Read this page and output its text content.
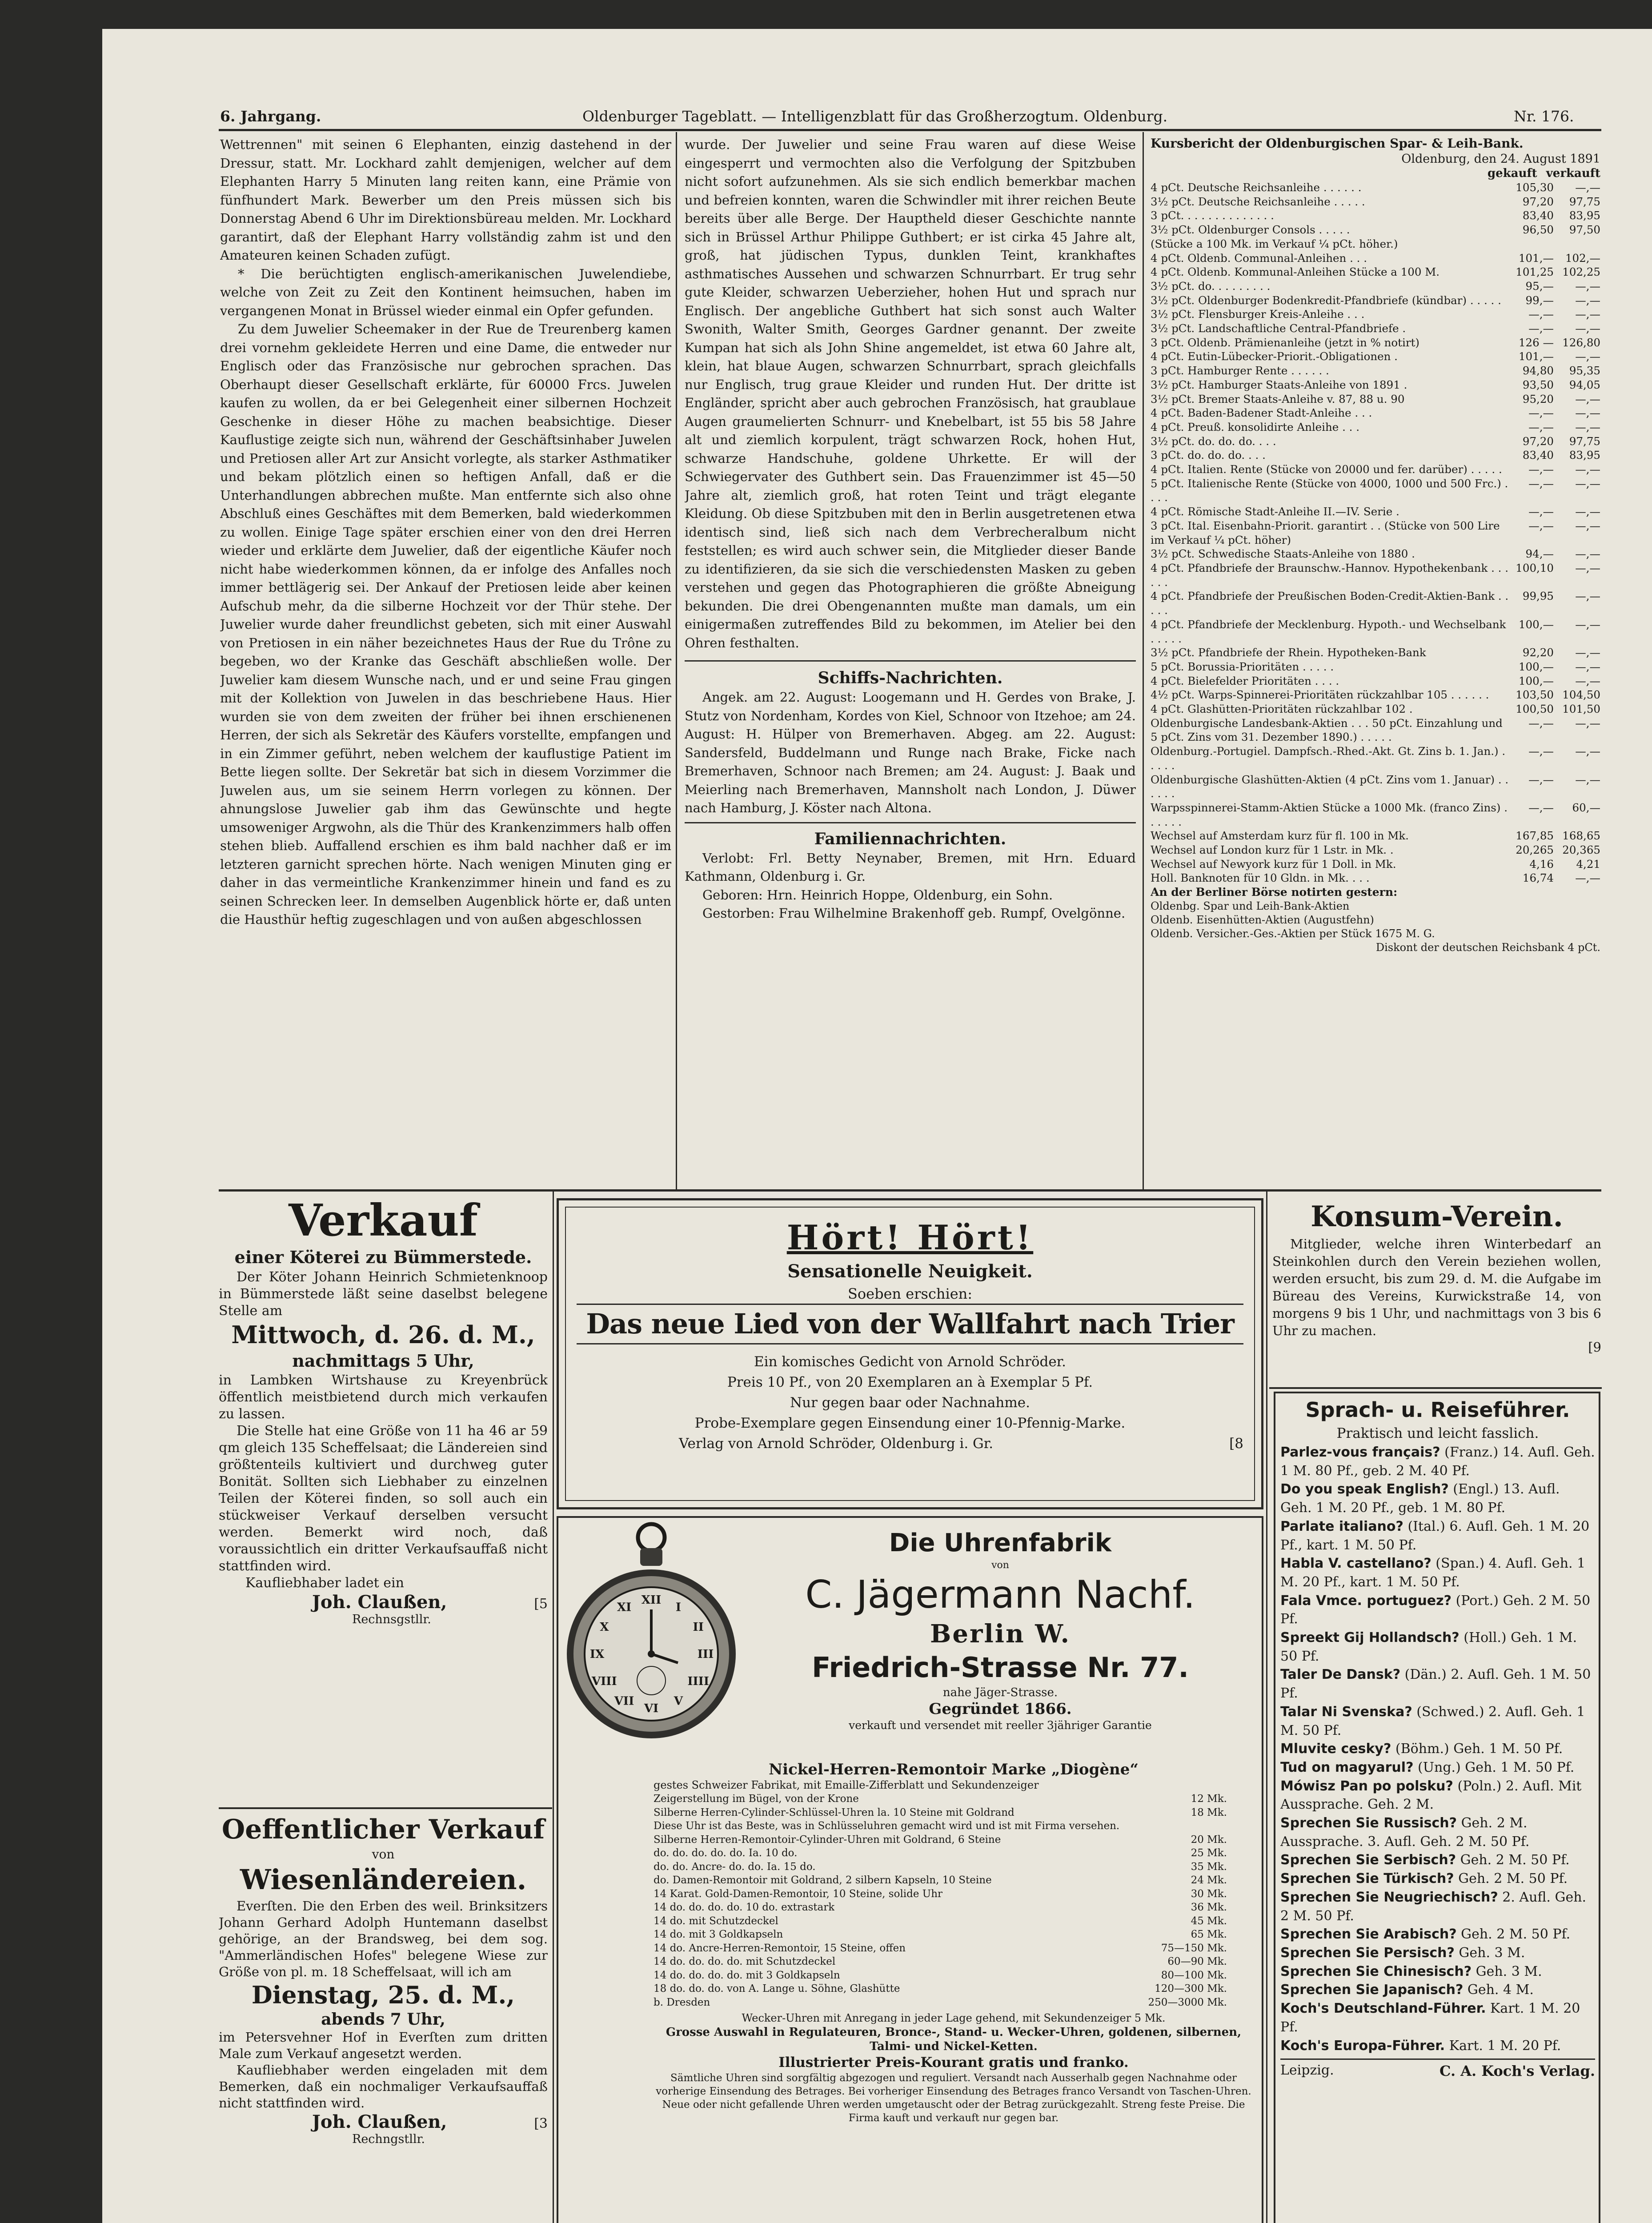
6. Jahrgang.	Oldenburger Tageblatt. — Intelligenzblatt für das Großherzogtum. Oldenburg.	Nr. 176.

Wettrennen" mit seinen 6 Elephanten, einzig dastehend in der Dressur, statt. Mr. Lockhard zahlt demjenigen, welcher auf dem Elephanten Harry 5 Minuten lang reiten kann, eine Prämie von fünfhundert Mark. Bewerber um den Preis müssen sich bis Donnerstag Abend 6 Uhr im Direktionsbüreau melden. Mr. Lockhard garantirt, daß der Elephant Harry vollständig zahm ist und den Amateuren keinen Schaden zufügt.

* Die berüchtigten englisch-amerikanischen Juwelendiebe, welche von Zeit zu Zeit den Kontinent heimsuchen, haben im vergangenen Monat in Brüssel wieder einmal ein Opfer gefunden.

Zu dem Juwelier Scheemaker in der Rue de Treurenberg kamen drei vornehm gekleidete Herren und eine Dame, die entweder nur Englisch oder das Französische nur gebrochen sprachen. Das Oberhaupt dieser Gesellschaft erklärte, für 60000 Frcs. Juwelen kaufen zu wollen, da er bei Gelegenheit einer silbernen Hochzeit Geschenke in dieser Höhe zu machen beabsichtige. Dieser Kauflustige zeigte sich nun, während der Geschäftsinhaber Juwelen und Pretiosen aller Art zur Ansicht vorlegte, als starker Asthmatiker und bekam plötzlich einen so heftigen Anfall, daß er die Unterhandlungen abbrechen mußte. Man entfernte sich also ohne Abschluß eines Geschäftes mit dem Bemerken, bald wiederkommen zu wollen. Einige Tage später erschien einer von den drei Herren wieder und erklärte dem Juwelier, daß der eigentliche Käufer noch nicht habe wiederkommen können, da er infolge des Anfalles noch immer bettlägerig sei. Der Ankauf der Pretiosen leide aber keinen Aufschub mehr, da die silberne Hochzeit vor der Thür stehe. Der Juwelier wurde daher freundlichst gebeten, sich mit einer Auswahl von Pretiosen in ein näher bezeichnetes Haus der Rue du Trône zu begeben, wo der Kranke das Geschäft abschließen wolle. Der Juwelier kam diesem Wunsche nach, und er und seine Frau gingen mit der Kollektion von Juwelen in das beschriebene Haus. Hier wurden sie von dem zweiten der früher bei ihnen erschienenen Herren, der sich als Sekretär des Käufers vorstellte, empfangen und in ein Zimmer geführt, neben welchem der kauflustige Patient im Bette liegen sollte. Der Sekretär bat sich in diesem Vorzimmer die Juwelen aus, um sie seinem Herrn vorlegen zu können. Der ahnungslose Juwelier gab ihm das Gewünschte und hegte umsoweniger Argwohn, als die Thür des Krankenzimmers halb offen stehen blieb. Auffallend erschien es ihm bald nachher daß er im letzteren garnicht sprechen hörte. Nach wenigen Minuten ging er daher in das vermeintliche Krankenzimmer hinein und fand es zu seinen Schrecken leer. In demselben Augenblick hörte er, daß unten die Hausthür heftig zugeschlagen und von außen abgeschlossen

wurde. Der Juwelier und seine Frau waren auf diese Weise eingesperrt und vermochten also die Verfolgung der Spitzbuben nicht sofort aufzunehmen. Als sie sich endlich bemerkbar machen und befreien konnten, waren die Schwindler mit ihrer reichen Beute bereits über alle Berge. Der Hauptheld dieser Geschichte nannte sich in Brüssel Arthur Philippe Guthbert; er ist cirka 45 Jahre alt, groß, hat jüdischen Typus, dunklen Teint, krankhaftes asthmatisches Aussehen und schwarzen Schnurrbart. Er trug sehr gute Kleider, schwarzen Ueberzieher, hohen Hut und sprach nur Englisch. Der angebliche Guthbert hat sich sonst auch Walter Swonith, Walter Smith, Georges Gardner genannt. Der zweite Kumpan hat sich als John Shine angemeldet, ist etwa 60 Jahre alt, klein, hat blaue Augen, schwarzen Schnurrbart, sprach gleichfalls nur Englisch, trug graue Kleider und runden Hut. Der dritte ist Engländer, spricht aber auch gebrochen Französisch, hat graublaue Augen graumelierten Schnurr- und Knebelbart, ist 55 bis 58 Jahre alt und ziemlich korpulent, trägt schwarzen Rock, hohen Hut, schwarze Handschuhe, goldene Uhrkette. Er will der Schwiegervater des Guthbert sein. Das Frauenzimmer ist 45—50 Jahre alt, ziemlich groß, hat roten Teint und trägt elegante Kleidung. Ob diese Spitzbuben mit den in Berlin ausgetretenen etwa identisch sind, ließ sich nach dem Verbrecheralbum nicht feststellen; es wird auch schwer sein, die Mitglieder dieser Bande zu identifizieren, da sie sich die verschiedensten Masken zu geben verstehen und gegen das Photographieren die größte Abneigung bekunden. Die drei Obengenannten mußte man damals, um ein einigermaßen zutreffendes Bild zu bekommen, im Atelier bei den Ohren festhalten.

Schiffs-Nachrichten.

Angek. am 22. August: Loogemann und H. Gerdes von Brake, J. Stutz von Nordenham, Kordes von Kiel, Schnoor von Itzehoe; am 24. August: H. Hülper von Bremerhaven. Abgeg. am 22. August: Sandersfeld, Buddelmann und Runge nach Brake, Ficke nach Bremerhaven, Schnoor nach Bremen; am 24. August: J. Baak und Meierling nach Bremerhaven, Mannsholt nach London, J. Düwer nach Hamburg, J. Köster nach Altona.

Familiennachrichten.

Verlobt: Frl. Betty Neynaber, Bremen, mit Hrn. Eduard Kathmann, Oldenburg i. Gr.

Geboren: Hrn. Heinrich Hoppe, Oldenburg, ein Sohn.

Gestorben: Frau Wilhelmine Brakenhoff geb. Rumpf, Ovelgönne.

Kursbericht der Oldenburgischen Spar- & Leih-Bank.
Oldenburg, den 24. August 1891
gekauft verkauft
4 pCt. Deutsche Reichsanleihe . . . . . .	105,30	—,—
3½ pCt. Deutsche Reichsanleihe . . . . .	97,20	97,75
3 pCt. . . . . . . . . . . . . .	83,40	83,95
3½ pCt. Oldenburger Consols . . . . .	96,50	97,50
(Stücke a 100 Mk. im Verkauf ¼ pCt. höher.)
4 pCt. Oldenb. Communal-Anleihen . . .	101,—	102,—
4 pCt. Oldenb. Kommunal-Anleihen Stücke a 100 M.	101,25 102,25
3½ pCt. do. . . . . . . . .	95,—	—,—
3½ pCt. Oldenburger Bodenkredit-Pfandbriefe (kündbar) . . . . .	99,—	—,—
3½ pCt. Flensburger Kreis-Anleihe . . .	—,—	—,—
3½ pCt. Landschaftliche Central-Pfandbriefe .	—,—	—,—
3 pCt. Oldenb. Prämienanleihe (jetzt in % notirt)	126 — 126,80
4 pCt. Eutin-Lübecker-Priorit.-Obligationen .	101,—	—,—
3 pCt. Hamburger Rente . . . . . .	94,80	95,35
3½ pCt. Hamburger Staats-Anleihe von 1891 .	93,50	94,05
3½ pCt. Bremer Staats-Anleihe v. 87, 88 u. 90	95,20	—,—
4 pCt. Baden-Badener Stadt-Anleihe . . .	—,—	—,—
4 pCt. Preuß. konsolidirte Anleihe . . .	—,—	—,—
3½ pCt. do. do. do. . . .	97,20	97,75
3 pCt. do. do. do. . . .	83,40	83,95
4 pCt. Italien. Rente (Stücke von 20000 und fer. darüber) . . . . .	—,—	—,—
5 pCt. Italienische Rente (Stücke von 4000, 1000 und 500 Frc.) . . . .
—,—	—,—
4 pCt. Römische Stadt-Anleihe II.—IV. Serie .	—,—	—,—
3 pCt. Ital. Eisenbahn-Priorit. garantirt . . (Stücke von 500 Lire im Verkauf ¼ pCt. höher)
—,—	—,—
3½ pCt. Schwedische Staats-Anleihe von 1880 .	94,—	—,—
4 pCt. Pfandbriefe der Braunschw.-Hannov. Hypothekenbank . . . . . .
100,10	—,—
4 pCt. Pfandbriefe der Preußischen Boden-Credit-Aktien-Bank . . . . .
99,95	—,—
4 pCt. Pfandbriefe der Mecklenburg. Hypoth.- und Wechselbank . . . . .
100,—	—,—
3½ pCt. Pfandbriefe der Rhein. Hypotheken-Bank	92,20	—,—
5 pCt. Borussia-Prioritäten . . . . .	100,—	—,—
4 pCt. Bielefelder Prioritäten . . . .	100,—	—,—
4½ pCt. Warps-Spinnerei-Prioritäten rückzahlbar 105 . . . . . .	103,50 104,50
4 pCt. Glashütten-Prioritäten rückzahlbar 102 .	100,50 101,50
Oldenburgische Landesbank-Aktien . . . 50 pCt. Einzahlung und 5 pCt. Zins vom 31. Dezember 1890.) . . . . .
—,—	—,—
Oldenburg.-Portugiel. Dampfsch.-Rhed.-Akt. Gt. Zins b. 1. Jan.) . . . . .
—,—	—,—
Oldenburgische Glashütten-Aktien (4 pCt. Zins vom 1. Januar) . . . . . .
—,—	—,—
Warpsspinnerei-Stamm-Aktien Stücke a 1000 Mk. (franco Zins) . . . . . .
—,—	60,—
Wechsel auf Amsterdam kurz für fl. 100 in Mk.	167,85 168,65
Wechsel auf London kurz für 1 Lstr. in Mk. .	20,265 20,365
Wechsel auf Newyork kurz für 1 Doll. in Mk.	4,16	4,21
Holl. Banknoten für 10 Gldn. in Mk. . . .	16,74	—,—
An der Berliner Börse notirten gestern:
Oldenbg. Spar und Leih-Bank-Aktien
Oldenb. Eisenhütten-Aktien (Augustfehn)
Oldenb. Versicher.-Ges.-Aktien per Stück 1675 M. G.
Diskont der deutschen Reichsbank 4 pCt.
Verkauf
einer Köterei zu Bümmerstede.

Der Köter Johann Heinrich Schmietenknoop in Bümmerstede läßt seine daselbst belegene Stelle am

Mittwoch, d. 26. d. M.,
nachmittags 5 Uhr,

in Lambken Wirtshause zu Kreyenbrück öffentlich meistbietend durch mich verkaufen zu lassen.

Die Stelle hat eine Größe von 11 ha 46 ar 59 qm gleich 135 Scheffelsaat; die Ländereien sind größtenteils kultiviert und durchweg guter Bonität. Sollten sich Liebhaber zu einzelnen Teilen der Köterei finden, so soll auch ein stückweiser Verkauf derselben versucht werden. Bemerkt wird noch, daß voraussichtlich ein dritter Verkaufsauffaß nicht stattfinden wird.

Kaufliebhaber ladet ein
Joh. Claußen,	[5
Rechnsgstllr.
Oeffentlicher Verkauf
von
Wiesenländereien.

Everſten. Die den Erben des weil. Brinksitzers Johann Gerhard Adolph Huntemann daselbst gehörige, an der Brandsweg, bei dem sog. "Ammerländischen Hofes" belegene Wiese zur Größe von pl. m. 18 Scheffelsaat, will ich am

Dienstag, 25. d. M.,
abends 7 Uhr,

im Petersvehner Hof in Everſten zum dritten Male zum Verkauf angesetzt werden.

Kaufliebhaber werden eingeladen mit dem Bemerken, daß ein nochmaliger Verkaufsauffaß nicht stattfinden wird.

Joh. Claußen,	[3
Rechngstllr.
Hört! Hört!
Sensationelle Neuigkeit.
Soeben erschien:
Das neue Lied von der Wallfahrt nach Trier
Ein komisches Gedicht von Arnold Schröder.
Preis 10 Pf., von 20 Exemplaren an à Exemplar 5 Pf.
Nur gegen baar oder Nachnahme.
Probe-Exemplare gegen Einsendung einer 10-Pfennig-Marke.
Verlag von Arnold Schröder, Oldenburg i. Gr.	[8
XII
I
II
III
IIII
V
VI
VII
VIII
IX
X
XI
Die Uhrenfabrik
von
C. Jägermann Nachf.
Berlin W.
Friedrich-Strasse Nr. 77.
nahe Jäger-Strasse.
Gegründet 1866.
verkauft und versendet mit reeller 3jähriger Garantie
Nickel-Herren-Remontoir Marke „Diogène“
gestes Schweizer Fabrikat, mit Emaille-Zifferblatt und Sekundenzeiger
Zeigerstellung im Bügel, von der Krone	12 Mk.
Silberne Herren-Cylinder-Schlüssel-Uhren la. 10 Steine mit Goldrand	18 Mk.
Diese Uhr ist das Beste, was in Schlüsseluhren gemacht wird und ist mit Firma versehen.
Silberne Herren-Remontoir-Cylinder-Uhren mit Goldrand, 6 Steine	20 Mk.
do. do. do. do. do. Ia. 10 do.	25 Mk.
do. do. Ancre- do. do. Ia. 15 do.	35 Mk.
do. Damen-Remontoir mit Goldrand, 2 silbern Kapseln, 10 Steine	24 Mk.
14 Karat. Gold-Damen-Remontoir, 10 Steine, solide Uhr	30 Mk.
14 do. do. do. do. 10 do. extrastark	36 Mk.
14 do. mit Schutzdeckel	45 Mk.
14 do. mit 3 Goldkapseln	65 Mk.
14 do. Ancre-Herren-Remontoir, 15 Steine, offen	75—150 Mk.
14 do. do. do. do. mit Schutzdeckel	60—90 Mk.
14 do. do. do. do. mit 3 Goldkapseln	80—100 Mk.
18 do. do. do. von A. Lange u. Söhne, Glashütte	120—300 Mk.
b. Dresden	250—3000 Mk.
Wecker-Uhren mit Anregang in jeder Lage gehend, mit Sekundenzeiger 5 Mk.
Grosse Auswahl in Regulateuren, Bronce-, Stand- u. Wecker-Uhren, goldenen, silbernen, Talmi- und Nickel-Ketten.
Illustrierter Preis-Kourant gratis und franko.
Sämtliche Uhren sind sorgfältig abgezogen und reguliert. Versandt nach Ausserhalb gegen Nachnahme oder vorherige Einsendung des Betrages. Bei vorheriger Einsendung des Betrages franco Versandt von Taschen-Uhren. Neue oder nicht gefallende Uhren werden umgetauscht oder der Betrag zurückgezahlt. Streng feste Preise. Die Firma kauft und verkauft nur gegen bar.
Konsum-Verein.

Mitglieder, welche ihren Winterbedarf an Steinkohlen durch den Verein beziehen wollen, werden ersucht, bis zum 29. d. M. die Aufgabe im Büreau des Vereins, Kurwickstraße 14, von morgens 9 bis 1 Uhr, und nachmittags von 3 bis 6 Uhr zu machen.

[9
Sprach- u. Reiseführer.
Praktisch und leicht fasslich.
Parlez-vous français? (Franz.) 14. Aufl. Geh. 1 M. 80 Pf., geb. 2 M. 40 Pf.
Do you speak English? (Engl.) 13. Aufl. Geh. 1 M. 20 Pf., geb. 1 M. 80 Pf.
Parlate italiano? (Ital.) 6. Aufl. Geh. 1 M. 20 Pf., kart. 1 M. 50 Pf.
Habla V. castellano? (Span.) 4. Aufl. Geh. 1 M. 20 Pf., kart. 1 M. 50 Pf.
Fala Vmce. portuguez? (Port.) Geh. 2 M. 50 Pf.
Spreekt Gij Hollandsch? (Holl.) Geh. 1 M. 50 Pf.
Taler De Dansk? (Dän.) 2. Aufl. Geh. 1 M. 50 Pf.
Talar Ni Svenska? (Schwed.) 2. Aufl. Geh. 1 M. 50 Pf.
Mluvite cesky? (Böhm.) Geh. 1 M. 50 Pf.
Tud on magyarul? (Ung.) Geh. 1 M. 50 Pf.
Mówisz Pan po polsku? (Poln.) 2. Aufl. Mit Aussprache. Geh. 2 M.
Sprechen Sie Russisch? Geh. 2 M. Aussprache. 3. Aufl. Geh. 2 M. 50 Pf.
Sprechen Sie Serbisch? Geh. 2 M. 50 Pf.
Sprechen Sie Türkisch? Geh. 2 M. 50 Pf.
Sprechen Sie Neugriechisch? 2. Aufl. Geh. 2 M. 50 Pf.
Sprechen Sie Arabisch? Geh. 2 M. 50 Pf.
Sprechen Sie Persisch? Geh. 3 M.
Sprechen Sie Chinesisch? Geh. 3 M.
Sprechen Sie Japanisch? Geh. 4 M.
Koch's Deutschland-Führer. Kart. 1 M. 20 Pf.
Koch's Europa-Führer. Kart. 1 M. 20 Pf.
Leipzig.	C. A. Koch's Verlag.
